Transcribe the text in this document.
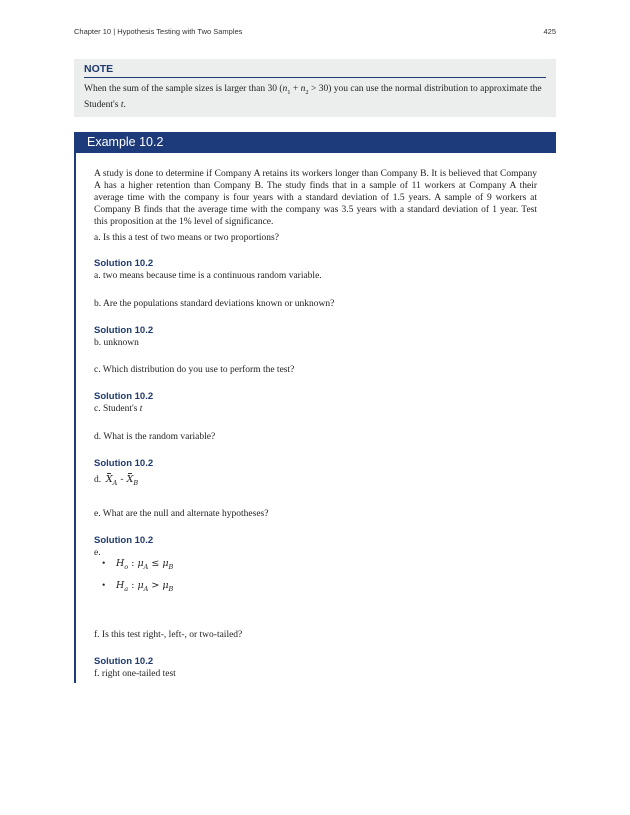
Chapter 10 | Hypothesis Testing with Two Samples	425
NOTE
When the sum of the sample sizes is larger than 30 $(n_1 + n_2 > 30)$ you can use the normal distribution to approximate the Student's t.
Example 10.2
A study is done to determine if Company A retains its workers longer than Company B. It is believed that Company A has a higher retention than Company B. The study finds that in a sample of 11 workers at Company A their average time with the company is four years with a standard deviation of 1.5 years. A sample of 9 workers at Company B finds that the average time with the company was 3.5 years with a standard deviation of 1 year. Test this proposition at the 1% level of significance.
a. Is this a test of two means or two proportions?
Solution 10.2
a. two means because time is a continuous random variable.
b. Are the populations standard deviations known or unknown?
Solution 10.2
b. unknown
c. Which distribution do you use to perform the test?
Solution 10.2
c. Student's t
d. What is the random variable?
Solution 10.2
d. $X_A - X_B$
e. What are the null and alternate hypotheses?
Solution 10.2
e.
• $H_o$ : $\mu_A \le \mu_B$
• $H_a$ : $\mu_A > \mu_B$
f. Is this test right-, left-, or two-tailed?
Solution 10.2
f. right one-tailed test
